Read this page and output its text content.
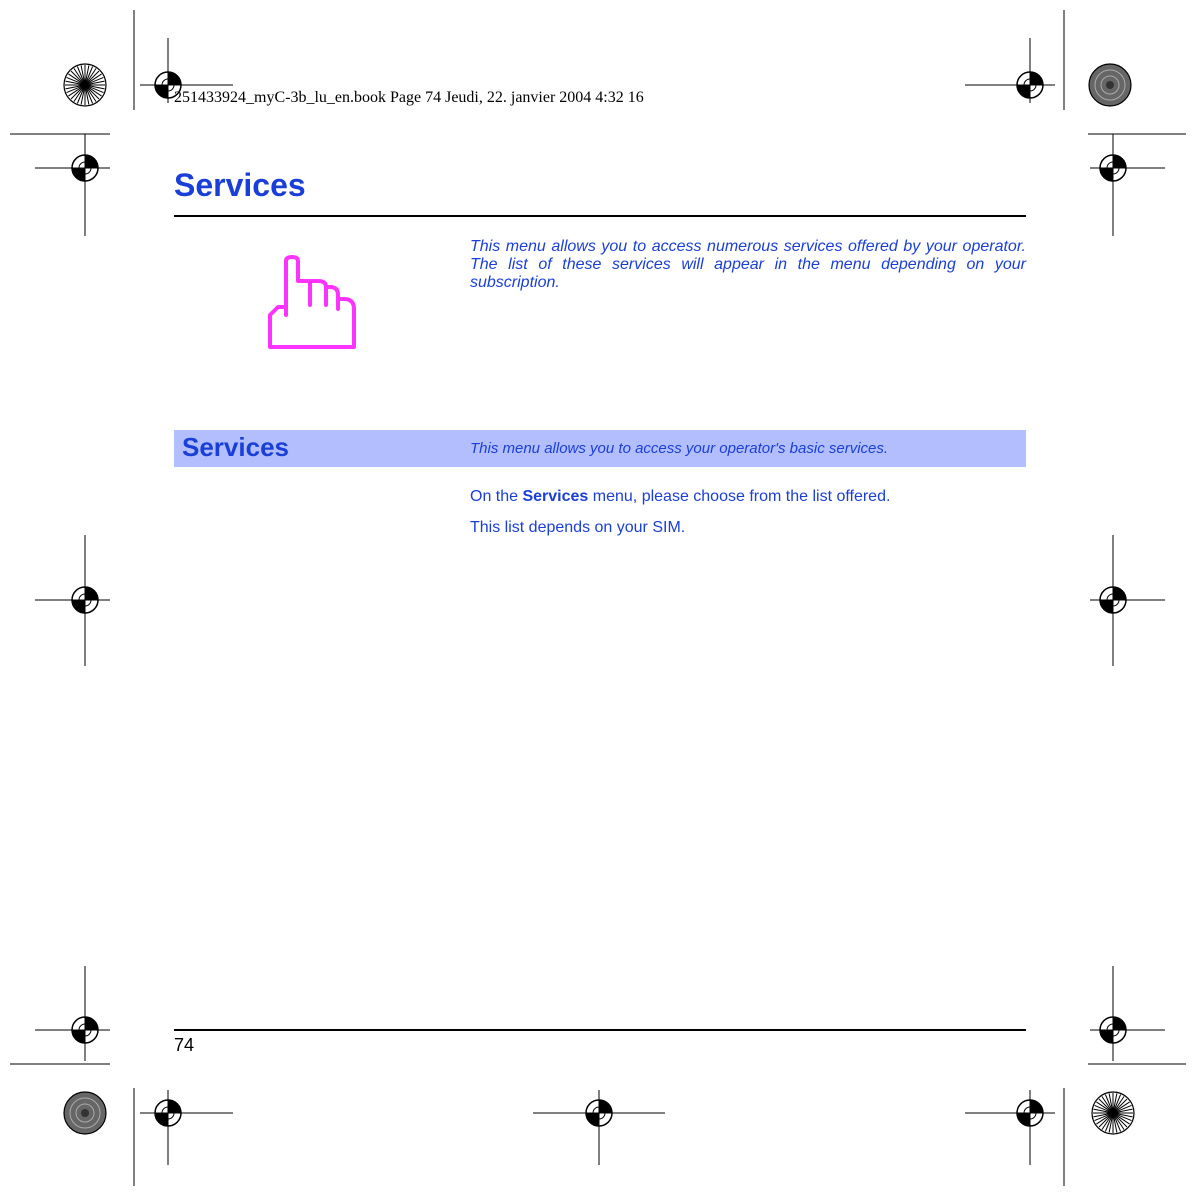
251433924_myC-3b_lu_en.book Page 74 Jeudi, 22. janvier 2004 4:32 16
Services

This menu allows you to access numerous services offered by your operator. The list of these services will appear in the menu depending on your subscription.

Services	This menu allows you to access your operator's basic services.

On the Services menu, please choose from the list offered.

This list depends on your SIM.

74
